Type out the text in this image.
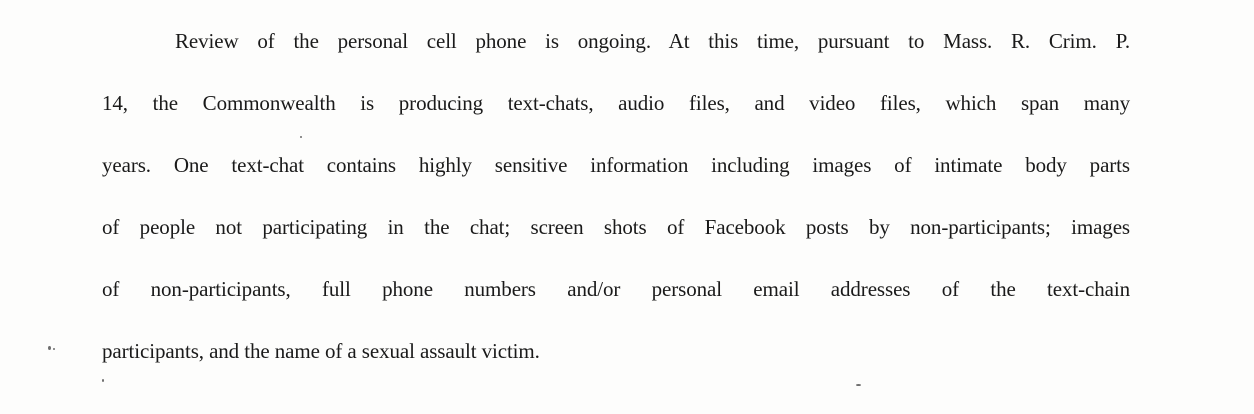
Review of the personal cell phone is ongoing. At this time, pursuant to Mass. R. Crim. P.
14, the Commonwealth is producing text-chats, audio files, and video files, which span many
years. One text-chat contains highly sensitive information including images of intimate body parts
of people not participating in the chat; screen shots of Facebook posts by non-participants; images
of non-participants, full phone numbers and/or personal email addresses of the text-chain
participants, and the name of a sexual assault victim.
